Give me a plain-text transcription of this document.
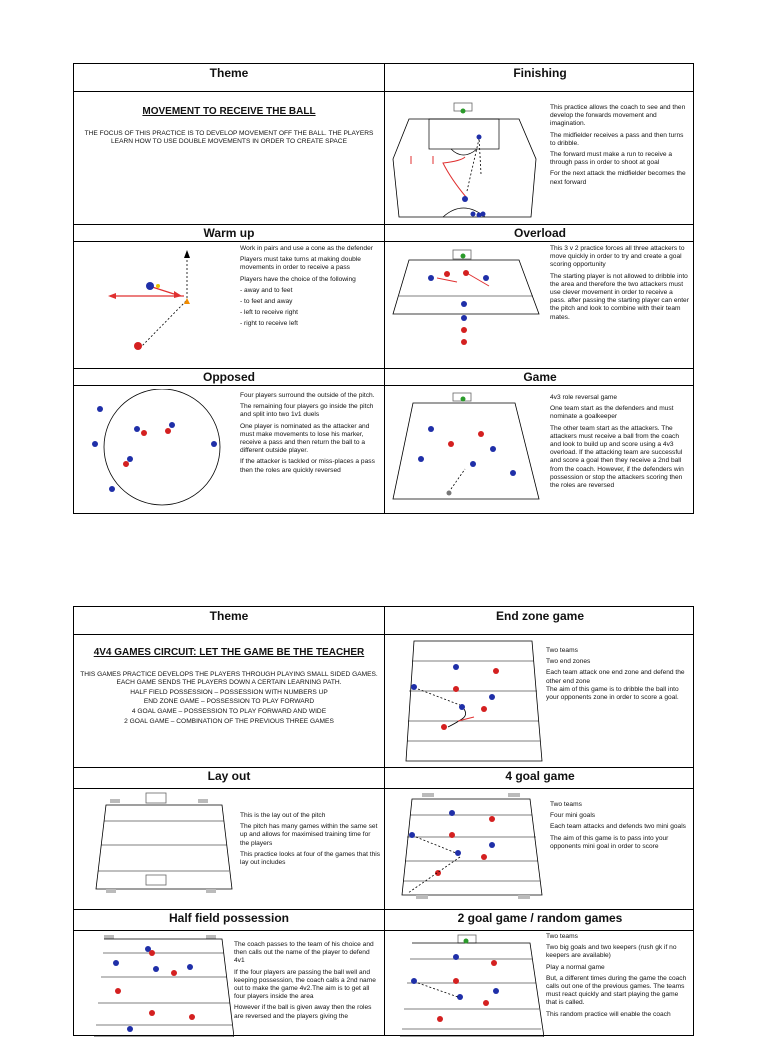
Theme	Finishing
MOVEMENT TO RECEIVE THE BALL
THE FOCUS OF THIS PRACTICE IS TO DEVELOP MOVEMENT OFF THE BALL. THE PLAYERS LEARN HOW TO USE DOUBLE MOVEMENTS IN ORDER TO CREATE SPACE

This practice allows the coach to see and then develop the forwards movement and imagination.

The midfielder receives a pass and then turns to dribble.

The forward must make a run to receive a through pass in order to shoot at goal

For the next attack the midfielder becomes the next forward

Warm up

Work in pairs and use a cone as the defender

Players must take turns at making double movements in order to receive a pass

Players have the choice of the following

- away and to feet

- to feet and away

- left to receive right

- right to receive left

Overload

This 3 v 2 practice forces all three attackers to move quickly in order to try and create a goal scoring opportunity

The starting player is not allowed to dribble into the area and therefore the two attackers must use clever movement in order to receive a pass. after passing the starting player can enter the pitch and look to combine with their team mates.

Opposed

Four players surround the outside of the pitch.

The remaining four players go inside the pitch and split into two 1v1 duels

One player is nominated as the attacker and must make movements to lose his marker, receive a pass and then return the ball to a different outside player.

If the attacker is tackled or miss-places a pass then the roles are quickly reversed

Game

4v3 role reversal game

One team start as the defenders and must nominate a goalkeeper

The other team start as the attackers. The attackers must receive a ball from the coach and look to build up and score using a 4v3 overload. If the attacking team are successful and score a goal then they receive a 2nd ball from the coach. However, if the defenders win possession or stop the attackers scoring then the roles are reversed

Theme	End zone game
4V4 GAMES CIRCUIT: LET THE GAME BE THE TEACHER

THIS GAMES PRACTICE DEVELOPS THE PLAYERS THROUGH PLAYING SMALL SIDED GAMES. EACH GAME SENDS THE PLAYERS DOWN A CERTAIN LEARNING PATH.

HALF FIELD POSSESSION – POSSESSION WITH NUMBERS UP

END ZONE GAME – POSSESSION TO PLAY FORWARD

4 GOAL GAME – POSSESSION TO PLAY FORWARD AND WIDE

2 GOAL GAME – COMBINATION OF THE PREVIOUS THREE GAMES

Two teams

Two end zones

Each team attack one end zone and defend the other end zone

The aim of this game is to dribble the ball into your opponents zone in order to score a goal.

Lay out

This is the lay out of the pitch

The pitch has many games within the same set up and allows for maximised training time for the players

This practice looks at four of the games that this lay out includes

4 goal game

Two teams

Four mini goals

Each team attacks and defends two mini goals

The aim of this game is to pass into your opponents mini goal in order to score

Half field possession

The coach passes to the team of his choice and then calls out the name of the player to defend 4v1

If the four players are passing the ball well and keeping possession, the coach calls a 2nd name out to make the game 4v2.The aim is to get all four players inside the area

However if the ball is given away then the roles are reversed and the players giving the

2 goal game / random games

Two teams

Two big goals and two keepers (rush gk if no keepers are available)

Play a normal game

But, a different times during the game the coach calls out one of the previous games. The teams must react quickly and start playing the game that is called.

This random practice will enable the coach
